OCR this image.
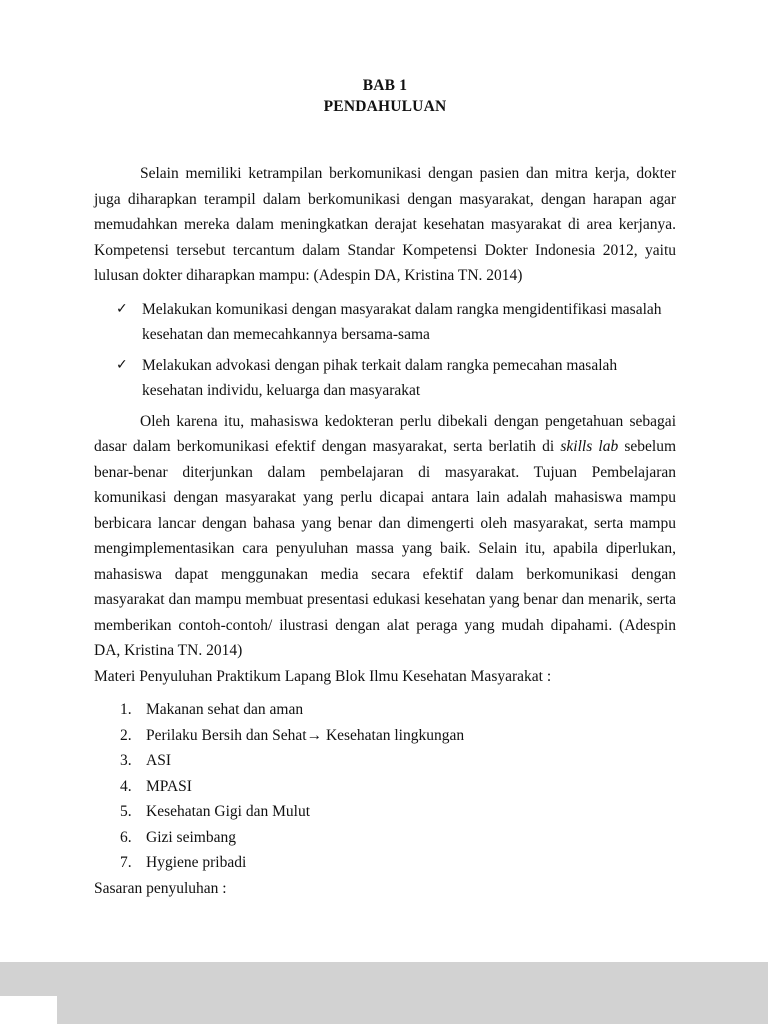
BAB 1
PENDAHULUAN

Selain memiliki ketrampilan berkomunikasi dengan pasien dan mitra kerja, dokter juga diharapkan terampil dalam berkomunikasi dengan masyarakat, dengan harapan agar memudahkan mereka dalam meningkatkan derajat kesehatan masyarakat di area kerjanya. Kompetensi tersebut tercantum dalam Standar Kompetensi Dokter Indonesia 2012, yaitu lulusan dokter diharapkan mampu: (Adespin DA, Kristina TN. 2014)

✓ Melakukan komunikasi dengan masyarakat dalam rangka mengidentifikasi masalah kesehatan dan memecahkannya bersama-sama
✓ Melakukan advokasi dengan pihak terkait dalam rangka pemecahan masalah kesehatan individu, keluarga dan masyarakat

Oleh karena itu, mahasiswa kedokteran perlu dibekali dengan pengetahuan sebagai dasar dalam berkomunikasi efektif dengan masyarakat, serta berlatih di skills lab sebelum benar-benar diterjunkan dalam pembelajaran di masyarakat. Tujuan Pembelajaran komunikasi dengan masyarakat yang perlu dicapai antara lain adalah mahasiswa mampu berbicara lancar dengan bahasa yang benar dan dimengerti oleh masyarakat, serta mampu mengimplementasikan cara penyuluhan massa yang baik. Selain itu, apabila diperlukan, mahasiswa dapat menggunakan media secara efektif dalam berkomunikasi dengan masyarakat dan mampu membuat presentasi edukasi kesehatan yang benar dan menarik, serta memberikan contoh-contoh/ ilustrasi dengan alat peraga yang mudah dipahami. (Adespin DA, Kristina TN. 2014)

Materi Penyuluhan Praktikum Lapang Blok Ilmu Kesehatan Masyarakat :

1. Makanan sehat dan aman
2. Perilaku Bersih dan Sehat→ Kesehatan lingkungan
3. ASI
4. MPASI
5. Kesehatan Gigi dan Mulut
6. Gizi seimbang
7. Hygiene pribadi

Sasaran penyuluhan :
